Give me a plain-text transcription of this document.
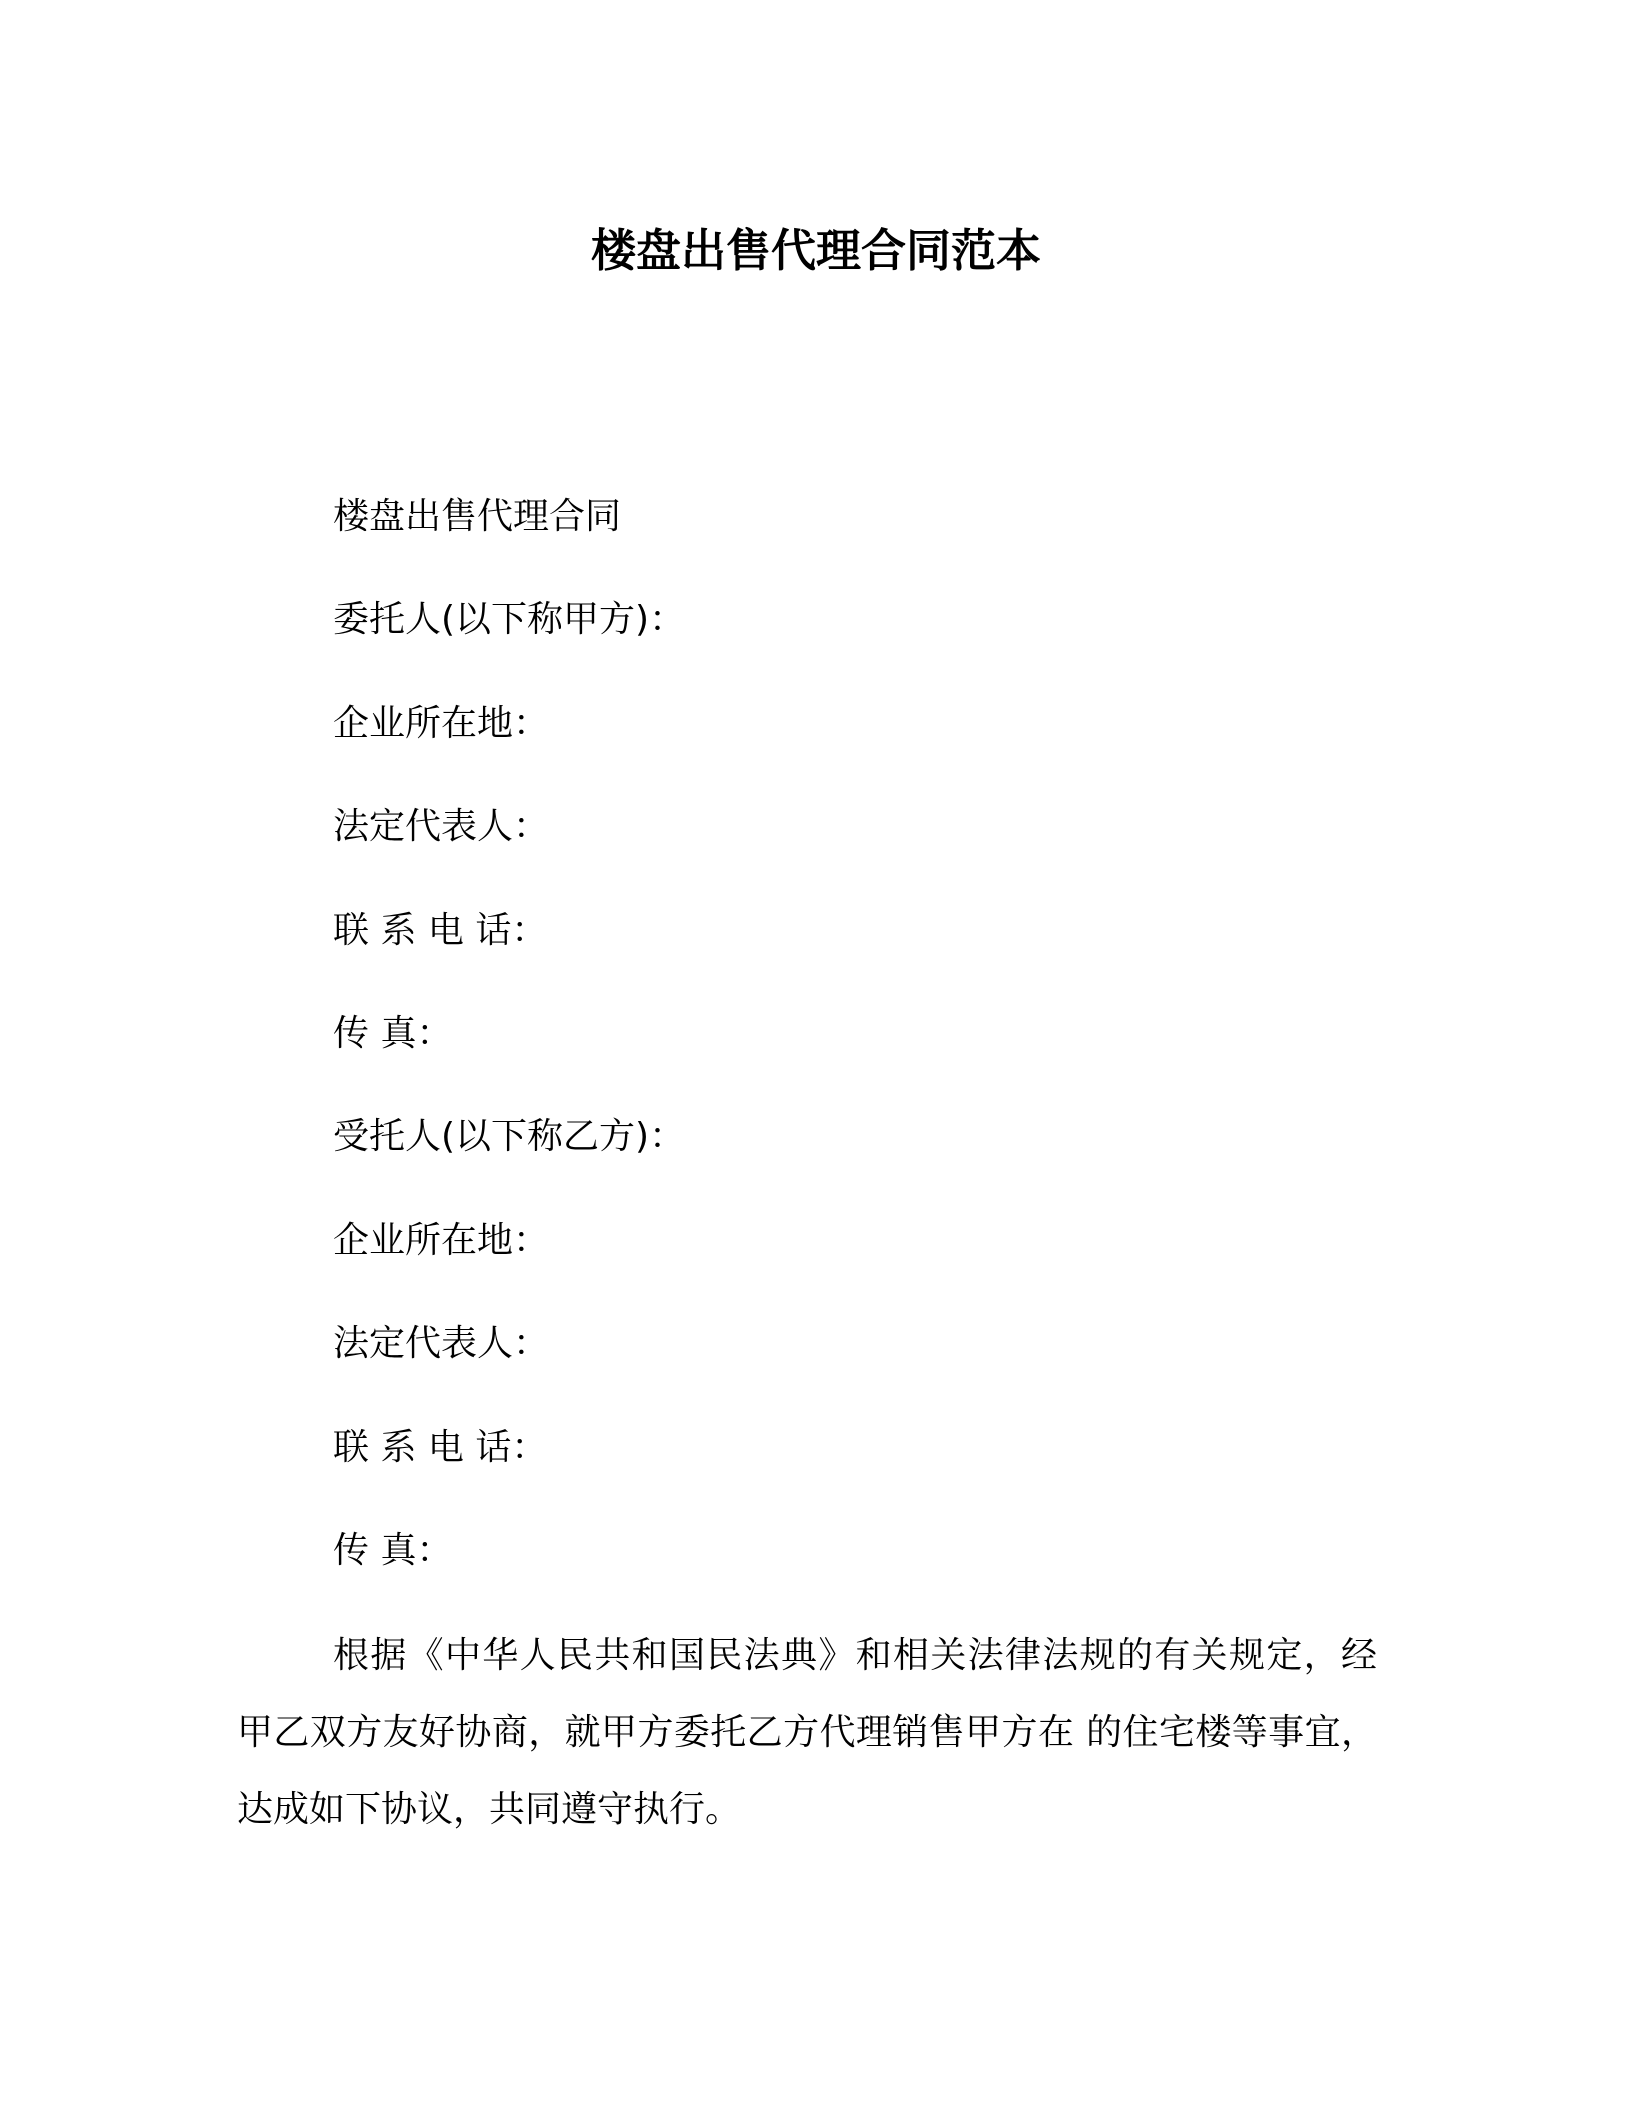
楼盘出售代理合同范本
楼盘出售代理合同
委托人(以下称甲方)：
企业所在地：
法定代表人：
联 系 电 话：
传 真：
受托人(以下称乙方)：
企业所在地：
法定代表人：
联 系 电 话：
传 真：
根据《中华人民共和国民法典》和相关法律法规的有关规定，经
甲乙双方友好协商，就甲方委托乙方代理销售甲方在 的住宅楼等事宜，
达成如下协议，共同遵守执行。
